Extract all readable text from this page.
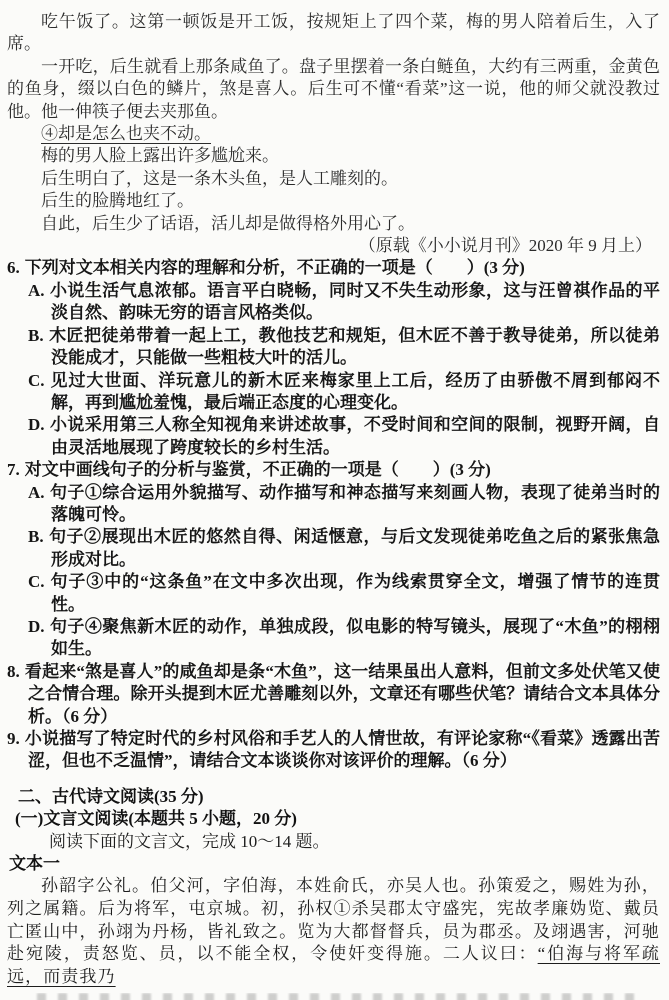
吃午饭了。这第一顿饭是开工饭，按规矩上了四个菜，梅的男人陪着后生，入了席。

一开吃，后生就看上那条咸鱼了。盘子里摆着一条白鲢鱼，大约有三两重，金黄色的鱼身，缀以白色的鳞片，煞是喜人。后生可不懂“看菜”这一说，他的师父就没教过他。他一伸筷子便去夹那鱼。

④却是怎么也夹不动。

梅的男人脸上露出许多尴尬来。

后生明白了，这是一条木头鱼，是人工雕刻的。

后生的脸腾地红了。

自此，后生少了话语，活儿却是做得格外用心了。

（原载《小小说月刊》2020 年 9 月上）

6. 下列对文本相关内容的理解和分析，不正确的一项是（　　）(3 分)

A. 小说生活气息浓郁。语言平白晓畅，同时又不失生动形象，这与汪曾祺作品的平淡自然、韵味无穷的语言风格类似。

B. 木匠把徒弟带着一起上工，教他技艺和规矩，但木匠不善于教导徒弟，所以徒弟没能成才，只能做一些粗枝大叶的活儿。

C. 见过大世面、洋玩意儿的新木匠来梅家里上工后，经历了由骄傲不屑到郁闷不解，再到尴尬羞愧，最后端正态度的心理变化。

D. 小说采用第三人称全知视角来讲述故事，不受时间和空间的限制，视野开阔，自由灵活地展现了跨度较长的乡村生活。

7. 对文中画线句子的分析与鉴赏，不正确的一项是（　　）(3 分)

A. 句子①综合运用外貌描写、动作描写和神态描写来刻画人物，表现了徒弟当时的落魄可怜。

B. 句子②展现出木匠的悠然自得、闲适惬意，与后文发现徒弟吃鱼之后的紧张焦急形成对比。

C. 句子③中的“这条鱼”在文中多次出现，作为线索贯穿全文，增强了情节的连贯性。

D. 句子④聚焦新木匠的动作，单独成段，似电影的特写镜头，展现了“木鱼”的栩栩如生。

8. 看起来“煞是喜人”的咸鱼却是条“木鱼”，这一结果虽出人意料，但前文多处伏笔又使之合情合理。除开头提到木匠尤善雕刻以外，文章还有哪些伏笔？请结合文本具体分析。（6 分）

9. 小说描写了特定时代的乡村风俗和手艺人的人情世故，有评论家称“《看菜》透露出苦涩，但也不乏温情”，请结合文本谈谈你对该评价的理解。（6 分）

二、古代诗文阅读(35 分)

(一)文言文阅读(本题共 5 小题，20 分)

阅读下面的文言文，完成 10～14 题。

文本一

孙韶字公礼。伯父河，字伯海，本姓俞氏，亦吴人也。孙策爱之，赐姓为孙，列之属籍。后为将军，屯京城。初，孙权①杀吴郡太守盛宪，宪故孝廉妫览、戴员亡匿山中，孙翊为丹杨，皆礼致之。览为大都督督兵，员为郡丞。及翊遇害，河驰赴宛陵，责怒览、员，以不能全权，令使奸变得施。二人议曰：“伯海与将军疏远，而责我乃
